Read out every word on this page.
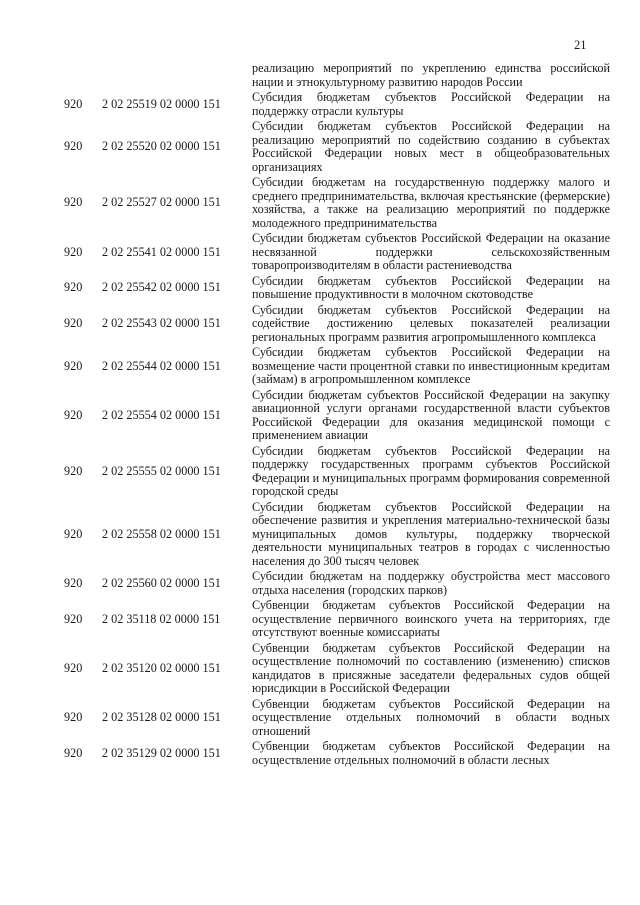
21
		реализацию мероприятий по укреплению единства российской нации и этнокультурному развитию народов России
920	2 02 25519 02 0000 151	Субсидия бюджетам субъектов Российской Федерации на поддержку отрасли культуры
920	2 02 25520 02 0000 151	Субсидии бюджетам субъектов Российской Федерации на реализацию мероприятий по содействию созданию в субъектах Российской Федерации новых мест в общеобразовательных организациях
920	2 02 25527 02 0000 151	Субсидии бюджетам на государственную поддержку малого и среднего предпринимательства, включая крестьянские (фермерские) хозяйства, а также на реализацию мероприятий по поддержке молодежного предпринимательства
920	2 02 25541 02 0000 151	Субсидии бюджетам субъектов Российской Федерации на оказание несвязанной поддержки сельскохозяйственным товаропроизводителям в области растениеводства
920	2 02 25542 02 0000 151	Субсидии бюджетам субъектов Российской Федерации на повышение продуктивности в молочном скотоводстве
920	2 02 25543 02 0000 151	Субсидии бюджетам субъектов Российской Федерации на содействие достижению целевых показателей реализации региональных программ развития агропромышленного комплекса
920	2 02 25544 02 0000 151	Субсидии бюджетам субъектов Российской Федерации на возмещение части процентной ставки по инвестиционным кредитам (займам) в агропромышленном комплексе
920	2 02 25554 02 0000 151	Субсидии бюджетам субъектов Российской Федерации на закупку авиационной услуги органами государственной власти субъектов Российской Федерации для оказания медицинской помощи с применением авиации
920	2 02 25555 02 0000 151	Субсидии бюджетам субъектов Российской Федерации на поддержку государственных программ субъектов Российской Федерации и муниципальных программ формирования современной городской среды
920	2 02 25558 02 0000 151	Субсидии бюджетам субъектов Российской Федерации на обеспечение развития и укрепления материально-технической базы муниципальных домов культуры, поддержку творческой деятельности муниципальных театров в городах с численностью населения до 300 тысяч человек
920	2 02 25560 02 0000 151	Субсидии бюджетам на поддержку обустройства мест массового отдыха населения (городских парков)
920	2 02 35118 02 0000 151	Субвенции бюджетам субъектов Российской Федерации на осуществление первичного воинского учета на территориях, где отсутствуют военные комиссариаты
920	2 02 35120 02 0000 151	Субвенции бюджетам субъектов Российской Федерации на осуществление полномочий по составлению (изменению) списков кандидатов в присяжные заседатели федеральных судов общей юрисдикции в Российской Федерации
920	2 02 35128 02 0000 151	Субвенции бюджетам субъектов Российской Федерации на осуществление отдельных полномочий в области водных отношений
920	2 02 35129 02 0000 151	Субвенции бюджетам субъектов Российской Федерации на осуществление отдельных полномочий в области лесных
